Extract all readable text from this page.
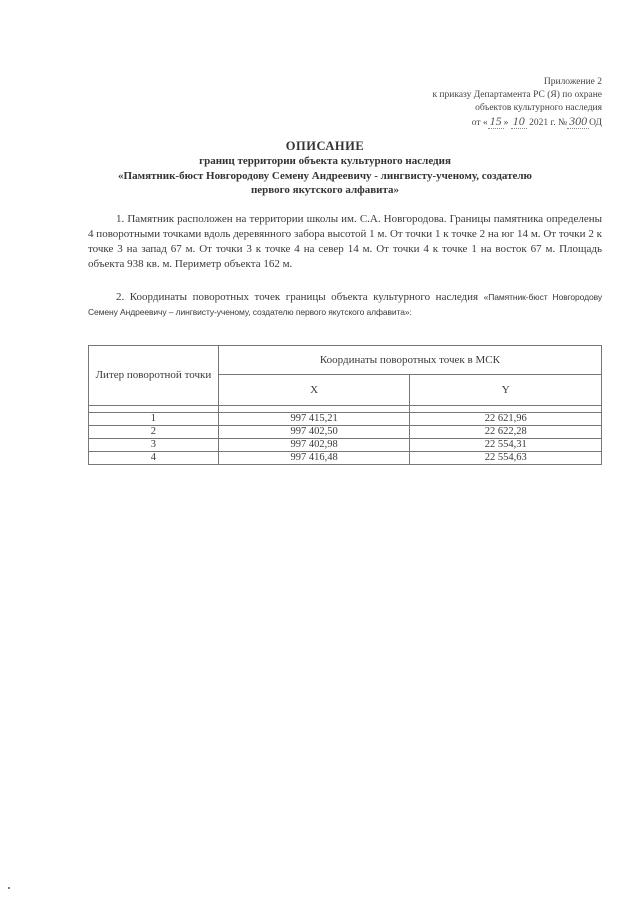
Приложение 2
к приказу Департамента РС (Я) по охране
объектов культурного наследия
от « 15 » 10 2021 г. № 300 ОД
ОПИСАНИЕ
границ территории объекта культурного наследия
«Памятник-бюст Новгородову Семену Андреевичу - лингвисту-ученому, создателю
первого якутского алфавита»
1. Памятник расположен на территории школы им. С.А. Новгородова. Границы памятника определены 4 поворотными точками вдоль деревянного забора высотой 1 м. От точки 1 к точке 2 на юг 14 м. От точки 2 к точке 3 на запад 67 м. От точки 3 к точке 4 на север 14 м. От точки 4 к точке 1 на восток 67 м. Площадь объекта 938 кв. м. Периметр объекта 162 м.
2. Координаты поворотных точек границы объекта культурного наследия «Памятник-бюст Новгородову Семену Андреевичу – лингвисту-ученому, создателю первого якутского алфавита»:
Литер поворотной точки	Координаты поворотных точек в МСК	
	X	Y

1	997 415,21	22 621,96
2	997 402,50	22 622,28
3	997 402,98	22 554,31
4	997 416,48	22 554,63
